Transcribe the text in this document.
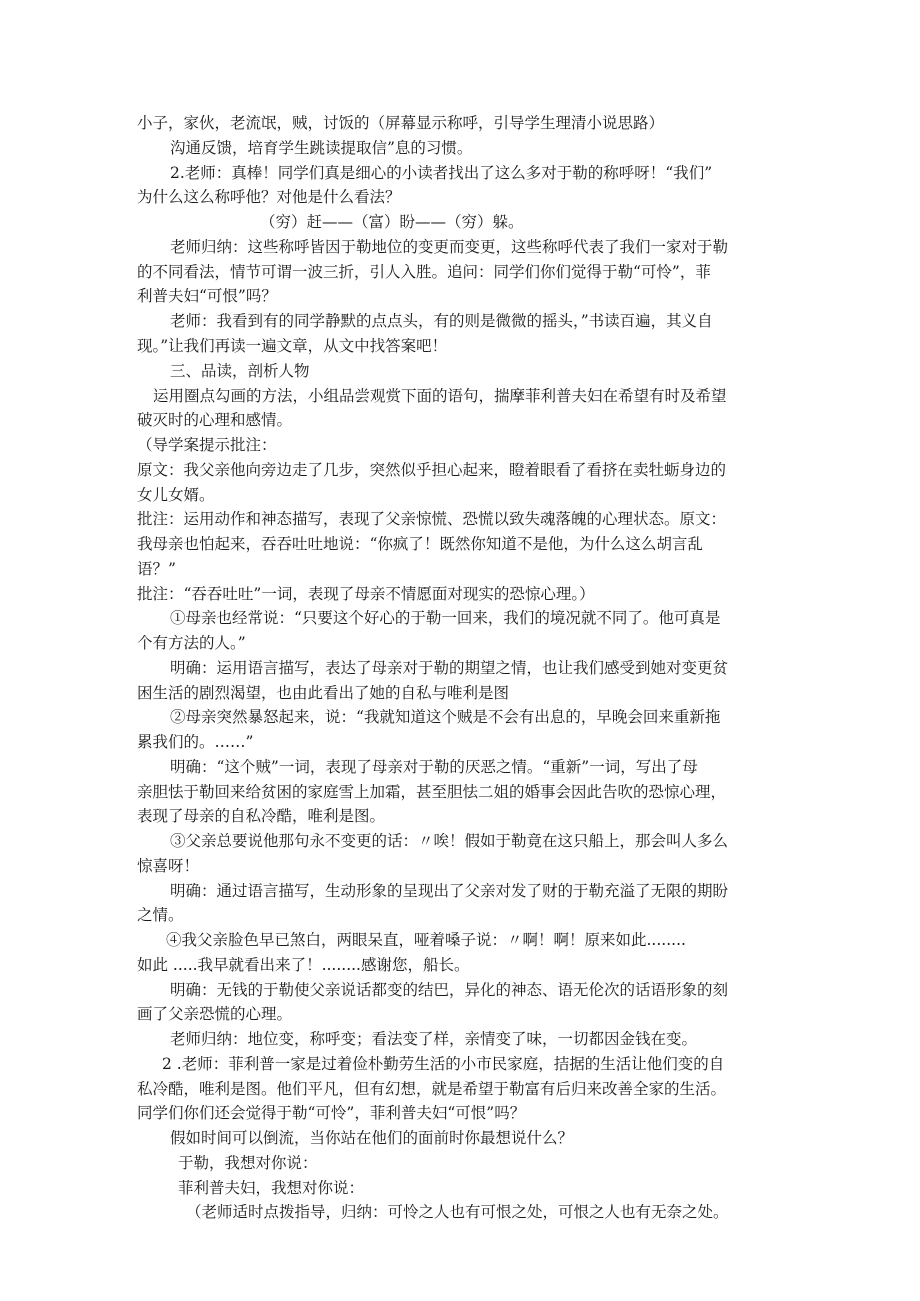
小子，家伙，老流氓，贼，讨饭的（屏幕显示称呼，引导学生理清小说思路）
沟通反馈，培育学生跳读提取信”息的习惯。
2.老师：真棒！同学们真是细心的小读者找出了这么多对于勒的称呼呀！“我们”
为什么这么称呼他？对他是什么看法？
（穷）赶——（富）盼——（穷）躲。
老师归纳：这些称呼皆因于勒地位的变更而变更，这些称呼代表了我们一家对于勒
的不同看法，情节可谓一波三折，引人入胜。追问：同学们你们觉得于勒“可怜”，菲
利普夫妇“可恨”吗？
老师：我看到有的同学静默的点点头，有的则是微微的摇头，”书读百遍，其义自
现。”让我们再读一遍文章，从文中找答案吧！
三、品读，剖析人物
运用圈点勾画的方法，小组品尝观赏下面的语句，揣摩菲利普夫妇在希望有时及希望
破灭时的心理和感情。
（导学案提示批注：
原文：我父亲他向旁边走了几步，突然似乎担心起来，瞪着眼看了看挤在卖牡蛎身边的
女儿女婿。
批注：运用动作和神态描写，表现了父亲惊慌、恐慌以致失魂落魄的心理状态。原文：
我母亲也怕起来，吞吞吐吐地说：“你疯了！既然你知道不是他，为什么这么胡言乱
语？”
批注：“吞吞吐吐”一词，表现了母亲不情愿面对现实的恐惊心理。）
①母亲也经常说：“只要这个好心的于勒一回来，我们的境况就不同了。他可真是
个有方法的人。”
明确：运用语言描写，表达了母亲对于勒的期望之情，也让我们感受到她对变更贫
困生活的剧烈渴望，也由此看出了她的自私与唯利是图
②母亲突然暴怒起来，说：“我就知道这个贼是不会有出息的，早晚会回来重新拖
累我们的。……”
明确：“这个贼”一词，表现了母亲对于勒的厌恶之情。“重新”一词，写出了母
亲胆怯于勒回来给贫困的家庭雪上加霜，甚至胆怯二姐的婚事会因此告吹的恐惊心理，
表现了母亲的自私冷酷，唯利是图。
③父亲总要说他那句永不变更的话：〃唉！假如于勒竟在这只船上，那会叫人多么
惊喜呀！
明确：通过语言描写，生动形象的呈现出了父亲对发了财的于勒充溢了无限的期盼
之情。
④我父亲脸色早已煞白，两眼呆直，哑着嗓子说：〃啊！啊！原来如此........
如此 .....我早就看出来了！........感谢您，船长。
明确：无钱的于勒使父亲说话都变的结巴，异化的神态、语无伦次的话语形象的刻
画了父亲恐慌的心理。
老师归纳：地位变，称呼变；看法变了样，亲情变了味，一切都因金钱在变。
2 .老师：菲利普一家是过着俭朴勤劳生活的小市民家庭，拮据的生活让他们变的自
私冷酷，唯利是图。他们平凡，但有幻想，就是希望于勒富有后归来改善全家的生活。
同学们你们还会觉得于勒“可怜”，菲利普夫妇“可恨”吗？
假如时间可以倒流，当你站在他们的面前时你最想说什么？
于勒，我想对你说：
菲利普夫妇，我想对你说：
（老师适时点拨指导，归纳：可怜之人也有可恨之处，可恨之人也有无奈之处。
